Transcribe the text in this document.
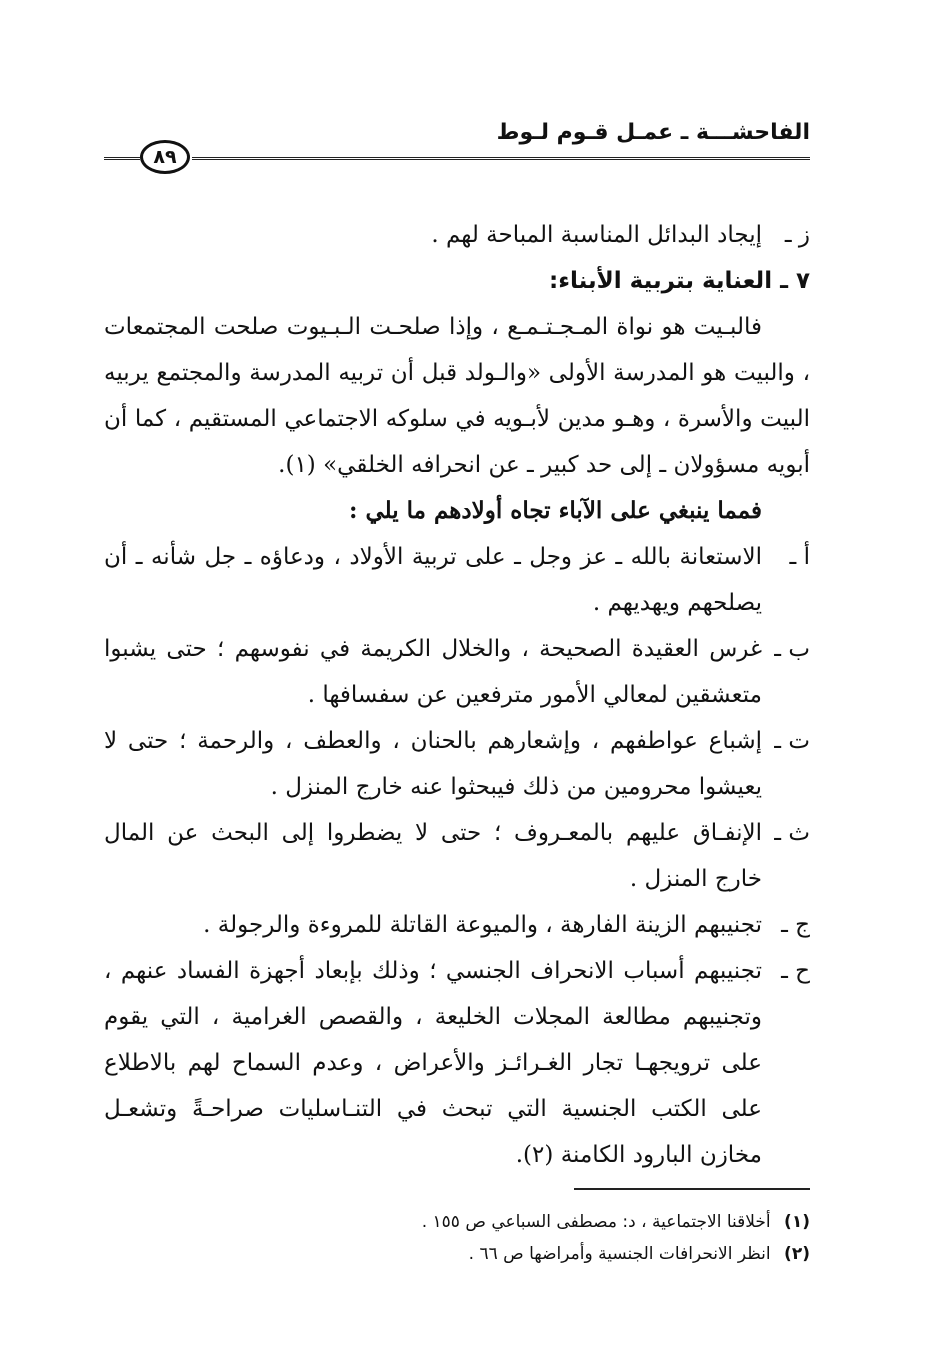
الفاحشـــة ـ عمـل قـوم لـوط
٨٩
ز ـ
إيجاد البدائل المناسبة المباحة لهم .

٧ ـ العناية بتربية الأبناء:

فالبـيت هو نواة المـجـتـمـع ، وإذا صلحـت الـبـيوت صلحت المجتمعات ، والبيت هو المدرسة الأولى «والـولد قبل أن تربيه المدرسة والمجتمع يربيه البيت والأسرة ، وهـو مدين لأبـويه في سلوكه الاجتماعي المستقيم ، كما أن أبويه مسؤولان ـ إلى حد كبير ـ عن انحرافه الخلقي» (١).

فمما ينبغي على الآباء تجاه أولادهم ما يلي :

أ ـ
الاستعانة بالله ـ عز وجل ـ على تربية الأولاد ، ودعاؤه ـ جل شأنه ـ أن يصلحهم ويهديهم .
ب ـ
غرس العقيدة الصحيحة ، والخلال الكريمة في نفوسهم ؛ حتى يشبوا متعشقين لمعالي الأمور مترفعين عن سفسافها .
ت ـ
إشباع عواطفهم ، وإشعارهم بالحنان ، والعطف ، والرحمة ؛ حتى لا يعيشوا محرومين من ذلك فيبحثوا عنه خارج المنزل .
ث ـ
الإنفـاق عليهم بالمعـروف ؛ حتى لا يضطروا إلى البحث عن المال خارج المنزل .
ج ـ
تجنيبهم الزينة الفارهة ، والميوعة القاتلة للمروءة والرجولة .
ح ـ
تجنيبهم أسباب الانحراف الجنسي ؛ وذلك بإبعاد أجهزة الفساد عنهم ، وتجنيبهم مطالعة المجلات الخليعة ، والقصص الغرامية ، التي يقوم على ترويجهـا تجار الغـرائـز والأعراض ، وعدم السماح لهم بالاطلاع على الكتب الجنسية التي تبحث في التنـاسليات صراحـةً وتشعـل مخازن البارود الكامنة (٢).
(١) أخلاقنا الاجتماعية ، د: مصطفى السباعي ص ١٥٥ .
(٢) انظر الانحرافات الجنسية وأمراضها ص ٦٦ .
